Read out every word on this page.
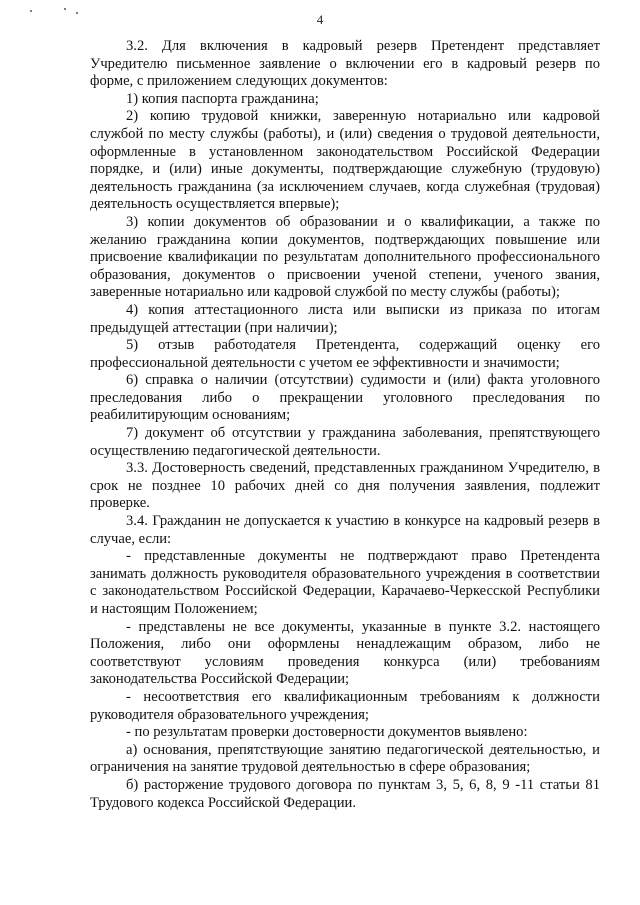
4

3.2. Для включения в кадровый резерв Претендент представляет Учредителю письменное заявление о включении его в кадровый резерв по форме, с приложением следующих документов:

1) копия паспорта гражданина;

2) копию трудовой книжки, заверенную нотариально или кадровой службой по месту службы (работы), и (или) сведения о трудовой деятельности, оформленные в установленном законодательством Российской Федерации порядке, и (или) иные документы, подтверждающие служебную (трудовую) деятельность гражданина (за исключением случаев, когда служебная (трудовая) деятельность осуществляется впервые);

3) копии документов об образовании и о квалификации, а также по желанию гражданина копии документов, подтверждающих повышение или присвоение квалификации по результатам дополнительного профессионального образования, документов о присвоении ученой степени, ученого звания, заверенные нотариально или кадровой службой по месту службы (работы);

4) копия аттестационного листа или выписки из приказа по итогам предыдущей аттестации (при наличии);

5) отзыв работодателя Претендента, содержащий оценку его профессиональной деятельности с учетом ее эффективности и значимости;

6) справка о наличии (отсутствии) судимости и (или) факта уголовного преследования либо о прекращении уголовного преследования по реабилитирующим основаниям;

7) документ об отсутствии у гражданина заболевания, препятствующего осуществлению педагогической деятельности.

3.3. Достоверность сведений, представленных гражданином Учредителю, в срок не позднее 10 рабочих дней со дня получения заявления, подлежит проверке.

3.4. Гражданин не допускается к участию в конкурсе на кадровый резерв в случае, если:

- представленные документы не подтверждают право Претендента занимать должность руководителя образовательного учреждения в соответствии с законодательством Российской Федерации, Карачаево-Черкесской Республики и настоящим Положением;

- представлены не все документы, указанные в пункте 3.2. настоящего Положения, либо они оформлены ненадлежащим образом, либо не соответствуют условиям проведения конкурса (или) требованиям законодательства Российской Федерации;

- несоответствия его квалификационным требованиям к должности руководителя образовательного учреждения;

- по результатам проверки достоверности документов выявлено:

а) основания, препятствующие занятию педагогической деятельностью, и ограничения на занятие трудовой деятельностью в сфере образования;

б) расторжение трудового договора по пунктам 3, 5, 6, 8, 9 -11 статьи 81 Трудового кодекса Российской Федерации.
